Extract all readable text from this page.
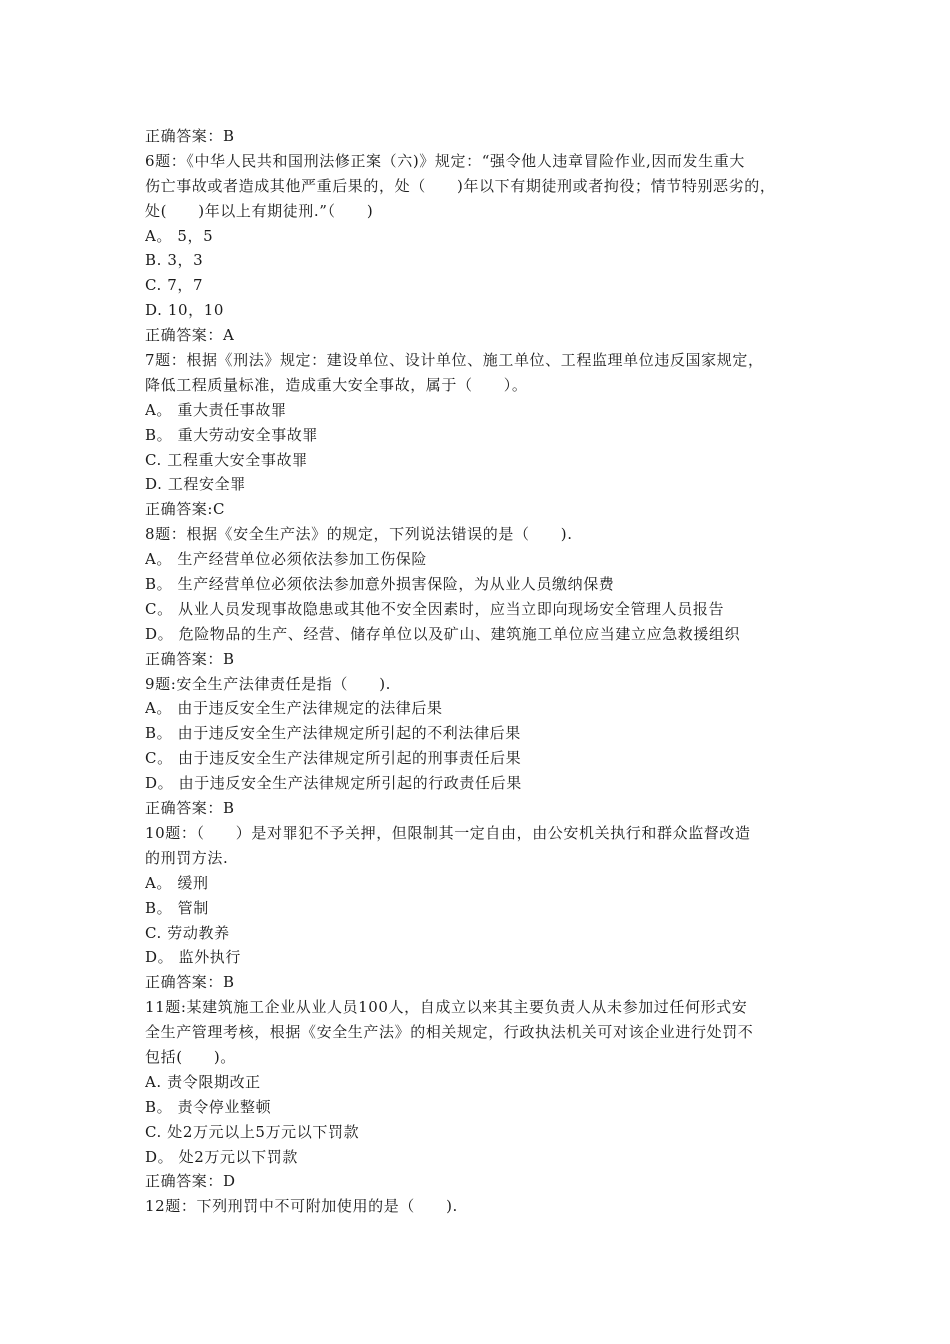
正确答案：B
6题：《中华人民共和国刑法修正案（六)》规定：“强令他人违章冒险作业,因而发生重大
伤亡事故或者造成其他严重后果的，处（　　)年以下有期徒刑或者拘役；情节特别恶劣的，
处(　　)年以上有期徒刑.”（　　)
A。 5，5
B. 3，3
C. 7，7
D. 10，10
正确答案：A
7题：根据《刑法》规定：建设单位、设计单位、施工单位、工程监理单位违反国家规定，
降低工程质量标准，造成重大安全事故，属于（　　）。
A。 重大责任事故罪
B。 重大劳动安全事故罪
C. 工程重大安全事故罪
D. 工程安全罪
正确答案:C
8题：根据《安全生产法》的规定，下列说法错误的是（　　).
A。 生产经营单位必须依法参加工伤保险
B。 生产经营单位必须依法参加意外损害保险，为从业人员缴纳保费
C。 从业人员发现事故隐患或其他不安全因素时，应当立即向现场安全管理人员报告
D。 危险物品的生产、经营、储存单位以及矿山、建筑施工单位应当建立应急救援组织
正确答案：B
9题:安全生产法律责任是指（　　).
A。 由于违反安全生产法律规定的法律后果
B。 由于违反安全生产法律规定所引起的不利法律后果
C。 由于违反安全生产法律规定所引起的刑事责任后果
D。 由于违反安全生产法律规定所引起的行政责任后果
正确答案：B
10题：（　　）是对罪犯不予关押，但限制其一定自由，由公安机关执行和群众监督改造
的刑罚方法.
A。 缓刑
B。 管制
C. 劳动教养
D。 监外执行
正确答案：B
11题:某建筑施工企业从业人员100人，自成立以来其主要负责人从未参加过任何形式安
全生产管理考核，根据《安全生产法》的相关规定，行政执法机关可对该企业进行处罚不
包括(　　)。
A. 责令限期改正
B。 责令停业整顿
C. 处2万元以上5万元以下罚款
D。 处2万元以下罚款
正确答案：D
12题：下列刑罚中不可附加使用的是（　　).
